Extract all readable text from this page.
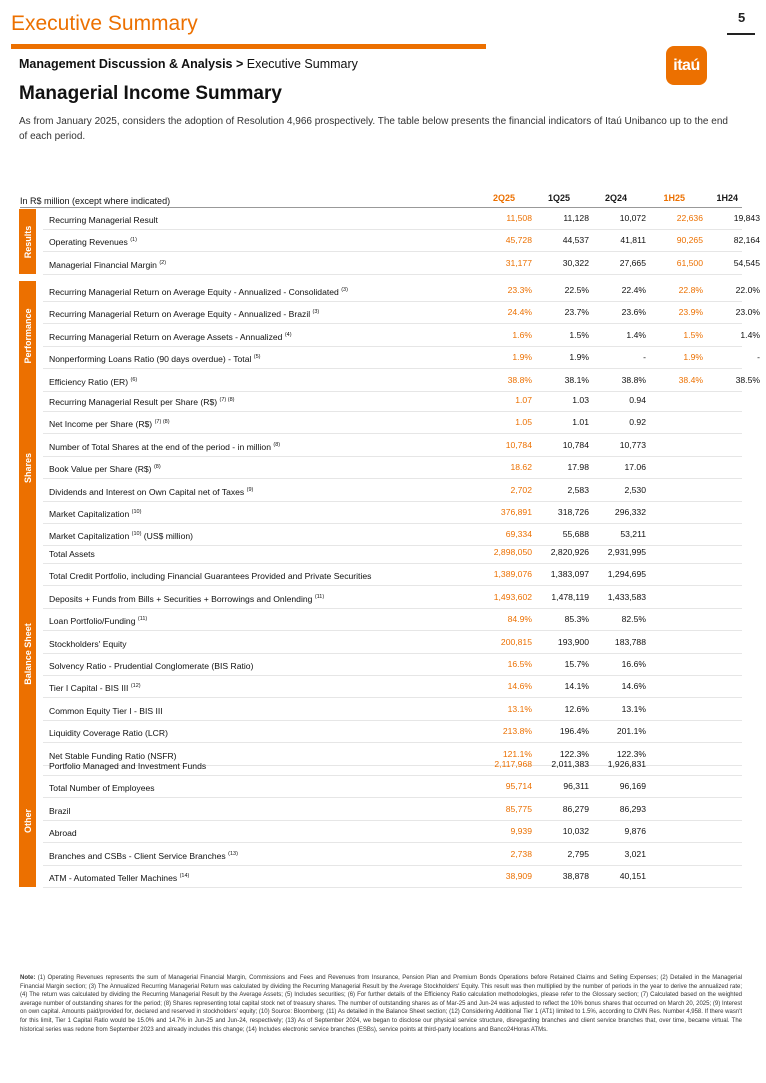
Executive Summary	5
itaú
Management Discussion & Analysis > Executive Summary
Managerial Income Summary
As from January 2025, considers the adoption of Resolution 4,966 prospectively. The table below presents the financial indicators of Itaú Unibanco up to the end of each period.
In R$ million (except where indicated)	2Q25	1Q25	2Q24	1H25	1H24
Results
Recurring Managerial Result	11,508	11,128	10,072	22,636	19,843
Operating Revenues $^{(1)}$	45,728	44,537	41,811	90,265	82,164
Managerial Financial Margin $^{(2)}$	31,177	30,322	27,665	61,500	54,545
Performance
Recurring Managerial Return on Average Equity - Annualized - Consolidated $^{(3)}$	23.3%	22.5%	22.4%	22.8%	22.0%
Recurring Managerial Return on Average Equity - Annualized - Brazil $^{(3)}$	24.4%	23.7%	23.6%	23.9%	23.0%
Recurring Managerial Return on Average Assets - Annualized $^{(4)}$	1.6%	1.5%	1.4%	1.5%	1.4%
Nonperforming Loans Ratio (90 days overdue) - Total $^{(5)}$	1.9%	1.9%	-	1.9%	-
Efficiency Ratio (ER) $^{(6)}$	38.8%	38.1%	38.8%	38.4%	38.5%
Shares
Recurring Managerial Result per Share (R$) $^{(7) (8)}$	1.07	1.03	0.94
Net Income per Share (R$) $^{(7) (8)}$	1.05	1.01	0.92
Number of Total Shares at the end of the period - in million $^{(8)}$	10,784	10,784	10,773
Book Value per Share (R$) $^{(8)}$	18.62	17.98	17.06
Dividends and Interest on Own Capital net of Taxes $^{(9)}$	2,702	2,583	2,530
Market Capitalization $^{(10)}$	376,891	318,726	296,332
Market Capitalization $^{(10)}$ (US$ million)	69,334	55,688	53,211
Balance Sheet
Total Assets	2,898,050	2,820,926	2,931,995
Total Credit Portfolio, including Financial Guarantees Provided and Private Securities	1,389,076	1,383,097	1,294,695
Deposits + Funds from Bills + Securities + Borrowings and Onlending $^{(11)}$	1,493,602	1,478,119	1,433,583
Loan Portfolio/Funding $^{(11)}$	84.9%	85.3%	82.5%
Stockholders' Equity	200,815	193,900	183,788
Solvency Ratio - Prudential Conglomerate (BIS Ratio)	16.5%	15.7%	16.6%
Tier I Capital - BIS III $^{(12)}$	14.6%	14.1%	14.6%
Common Equity Tier I - BIS III	13.1%	12.6%	13.1%
Liquidity Coverage Ratio (LCR)	213.8%	196.4%	201.1%
Net Stable Funding Ratio (NSFR)	121.1%	122.3%	122.3%
Other
Portfolio Managed and Investment Funds	2,117,968	2,011,383	1,926,831
Total Number of Employees	95,714	96,311	96,169
Brazil	85,775	86,279	86,293
Abroad	9,939	10,032	9,876
Branches and CSBs - Client Service Branches $^{(13)}$	2,738	2,795	3,021
ATM - Automated Teller Machines $^{(14)}$	38,909	38,878	40,151
Note: (1) Operating Revenues represents the sum of Managerial Financial Margin, Commissions and Fees and Revenues from Insurance, Pension Plan and Premium Bonds Operations before Retained Claims and Selling Expenses; (2) Detailed in the Managerial Financial Margin section; (3) The Annualized Recurring Managerial Return was calculated by dividing the Recurring Managerial Result by the Average Stockholders' Equity. This result was then multiplied by the number of periods in the year to derive the annualized rate; (4) The return was calculated by dividing the Recurring Managerial Result by the Average Assets; (5) Includes securities; (6) For further details of the Efficiency Ratio calculation methodologies, please refer to the Glossary section; (7) Calculated based on the weighted average number of outstanding shares for the period; (8) Shares representing total capital stock net of treasury shares. The number of outstanding shares as of Mar-25 and Jun-24 was adjusted to reflect the 10% bonus shares that occurred on March 20, 2025; (9) Interest on own capital. Amounts paid/provided for, declared and reserved in stockholders' equity; (10) Source: Bloomberg; (11) As detailed in the Balance Sheet section; (12) Considering Additional Tier 1 (AT1) limited to 1.5%, according to CMN Res. Number 4,958. If there wasn't for this limit, Tier 1 Capital Ratio would be 15.0% and 14.7% in Jun-25 and Jun-24, respectively; (13) As of September 2024, we began to disclose our physical service structure, disregarding branches and client service branches that, over time, became virtual. The historical series was redone from September 2023 and already includes this change; (14) Includes electronic service branches (ESBs), service points at third-party locations and Banco24Horas ATMs.
